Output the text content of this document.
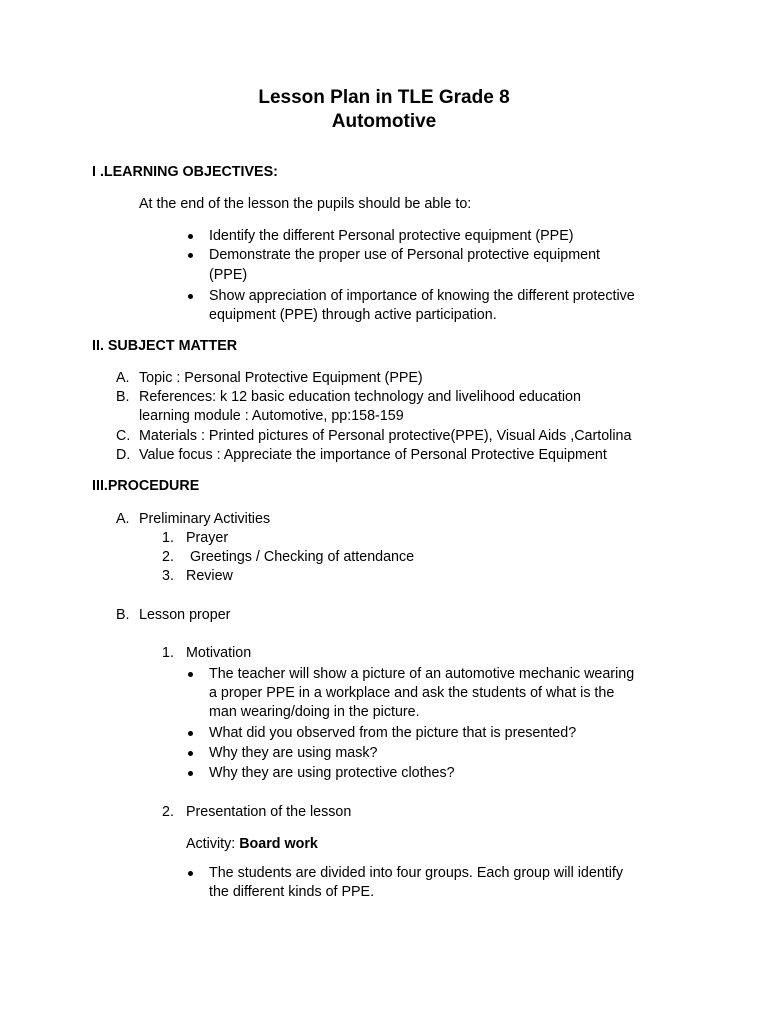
Lesson Plan in TLE Grade 8
Automotive
I .LEARNING OBJECTIVES:
At the end of the lesson the pupils should be able to:
Identify the different Personal protective equipment (PPE)
Demonstrate the proper use of Personal protective equipment
(PPE)
Show appreciation of importance of knowing the different protective
equipment (PPE) through active participation.
II. SUBJECT MATTER
A. Topic : Personal Protective Equipment (PPE)
B. References: k 12 basic education technology and livelihood education
learning module : Automotive, pp:158-159
C. Materials : Printed pictures of Personal protective(PPE), Visual Aids ,Cartolina
D. Value focus : Appreciate the importance of Personal Protective Equipment
III.PROCEDURE
A. Preliminary Activities
1. Prayer
2. Greetings / Checking of attendance
3. Review
B. Lesson proper
1. Motivation
The teacher will show a picture of an automotive mechanic wearing
a proper PPE in a workplace and ask the students of what is the
man wearing/doing in the picture.
What did you observed from the picture that is presented?
Why they are using mask?
Why they are using protective clothes?
2. Presentation of the lesson
Activity: Board work
The students are divided into four groups. Each group will identify
the different kinds of PPE.
